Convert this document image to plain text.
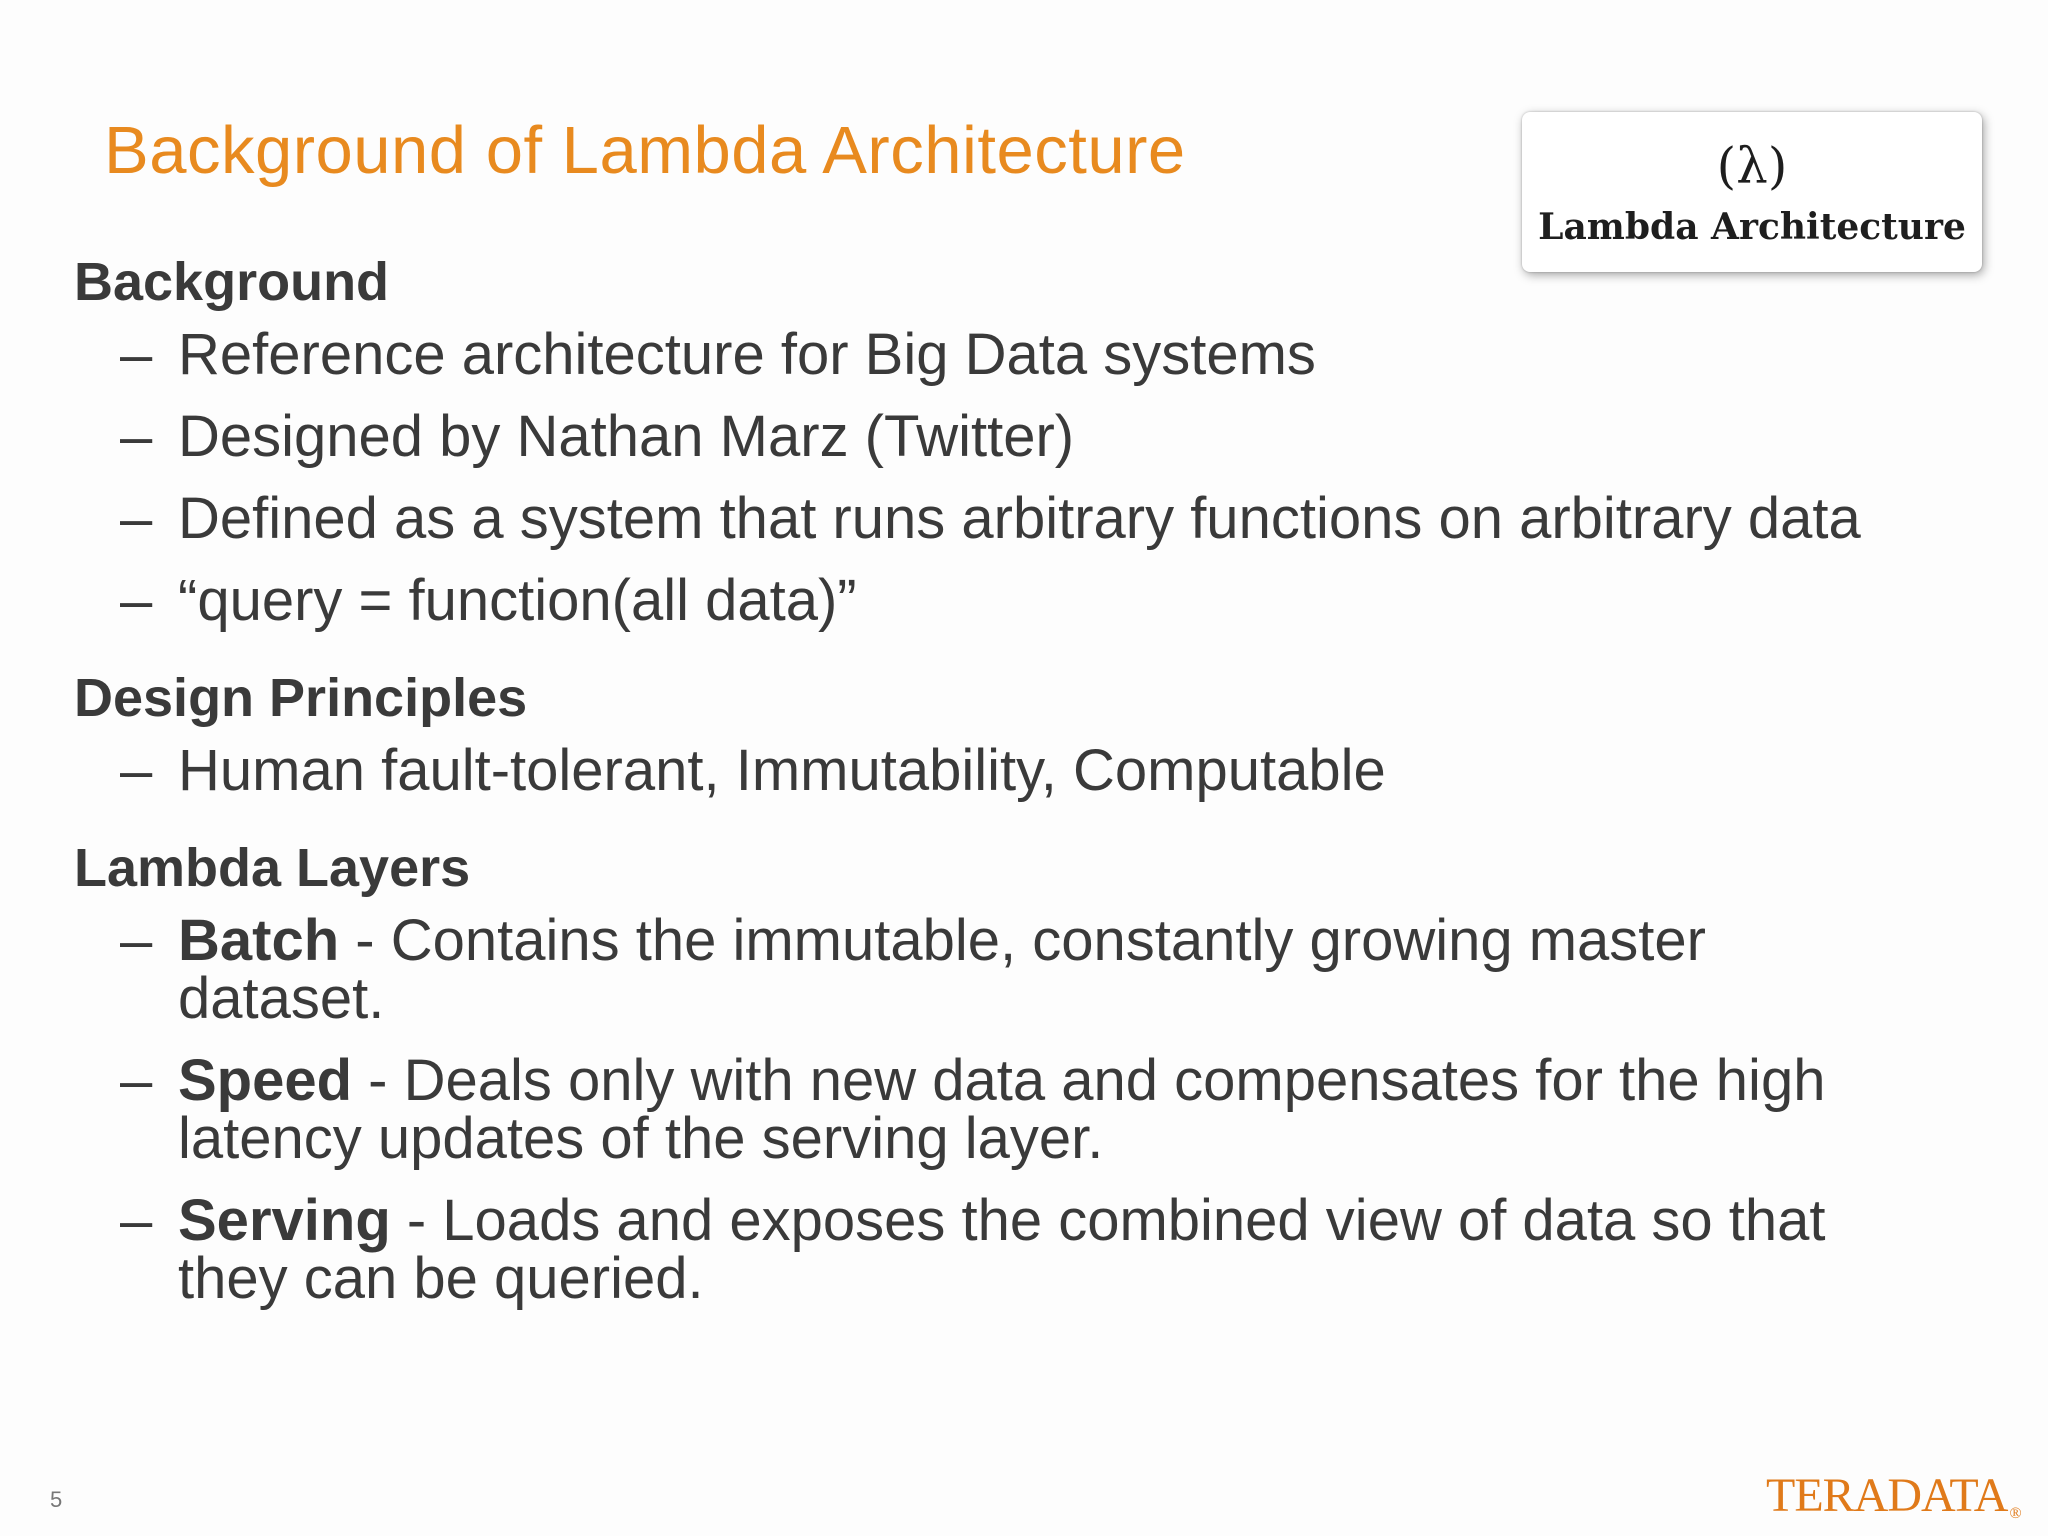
Background of Lambda Architecture	(λ)
Lambda Architecture
Background
– Reference architecture for Big Data systems
– Designed by Nathan Marz (Twitter)
– Defined as a system that runs arbitrary functions on arbitrary data
– “query = function(all data)”
Design Principles
– Human fault-tolerant, Immutability, Computable
Lambda Layers
– Batch - Contains the immutable, constantly growing master dataset.
– Speed - Deals only with new data and compensates for the high latency updates of the serving layer.
– Serving - Loads and exposes the combined view of data so that they can be queried.
5	TERADATA ®
